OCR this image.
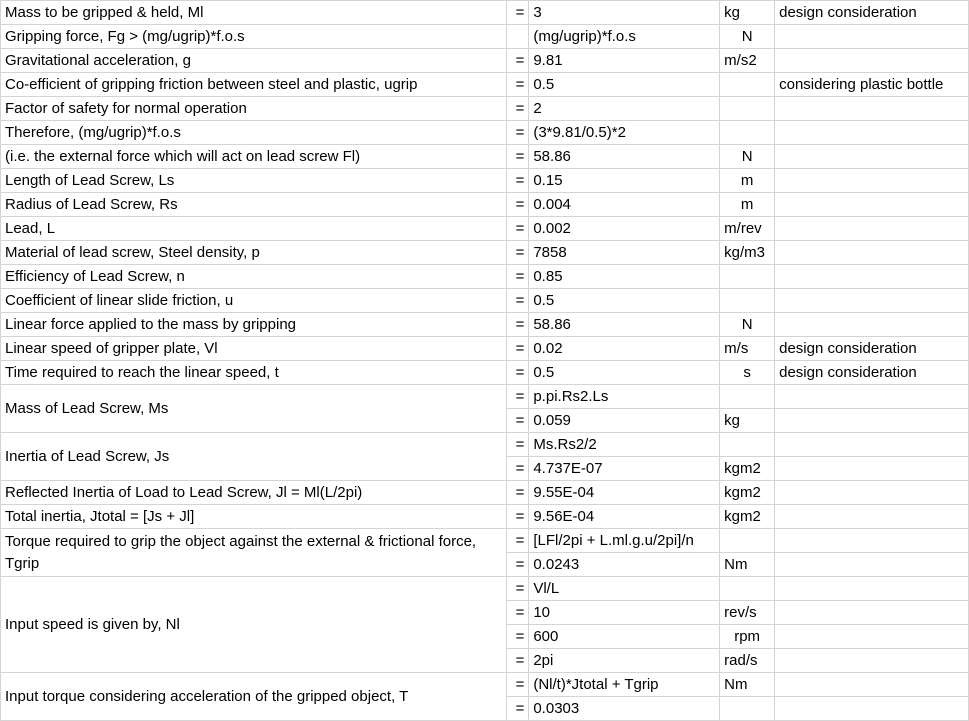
Mass to be gripped & held, Ml	=	3	kg	design consideration
Gripping force, Fg > (mg/ugrip)*f.o.s		(mg/ugrip)*f.o.s	N	
Gravitational acceleration, g	=	9.81	m/s2	
Co-efficient of gripping friction between steel and plastic, ugrip	=	0.5		considering plastic bottle
Factor of safety for normal operation	=	2		
Therefore, (mg/ugrip)*f.o.s	=	(3*9.81/0.5)*2		
(i.e. the external force which will act on lead screw Fl)	=	58.86	N	
Length of Lead Screw, Ls	=	0.15	m	
Radius of Lead Screw, Rs	=	0.004	m	
Lead, L	=	0.002	m/rev	
Material of lead screw, Steel density, p	=	7858	kg/m3	
Efficiency of Lead Screw, n	=	0.85		
Coefficient of linear slide friction, u	=	0.5		
Linear force applied to the mass by gripping	=	58.86	N	
Linear speed of gripper plate, Vl	=	0.02	m/s	design consideration
Time required to reach the linear speed, t	=	0.5	s	design consideration
Mass of Lead Screw, Ms	=	p.pi.Rs2.Ls		
	=	0.059	kg	
Inertia of Lead Screw, Js	=	Ms.Rs2/2		
	=	4.737E-07	kgm2	
Reflected Inertia of Load to Lead Screw, Jl = Ml(L/2pi)	=	9.55E-04	kgm2	
Total inertia, Jtotal = [Js + Jl]	=	9.56E-04	kgm2	
Torque required to grip the object against the external & frictional force, Tgrip	=	[LFl/2pi + L.ml.g.u/2pi]/n		
	=	0.0243	Nm	
Input speed is given by, Nl	=	Vl/L		
	=	10	rev/s	
	=	600	rpm	
	=	2pi	rad/s	
Input torque considering acceleration of the gripped object, T	=	(Nl/t)*Jtotal + Tgrip	Nm	
	=	0.0303		
